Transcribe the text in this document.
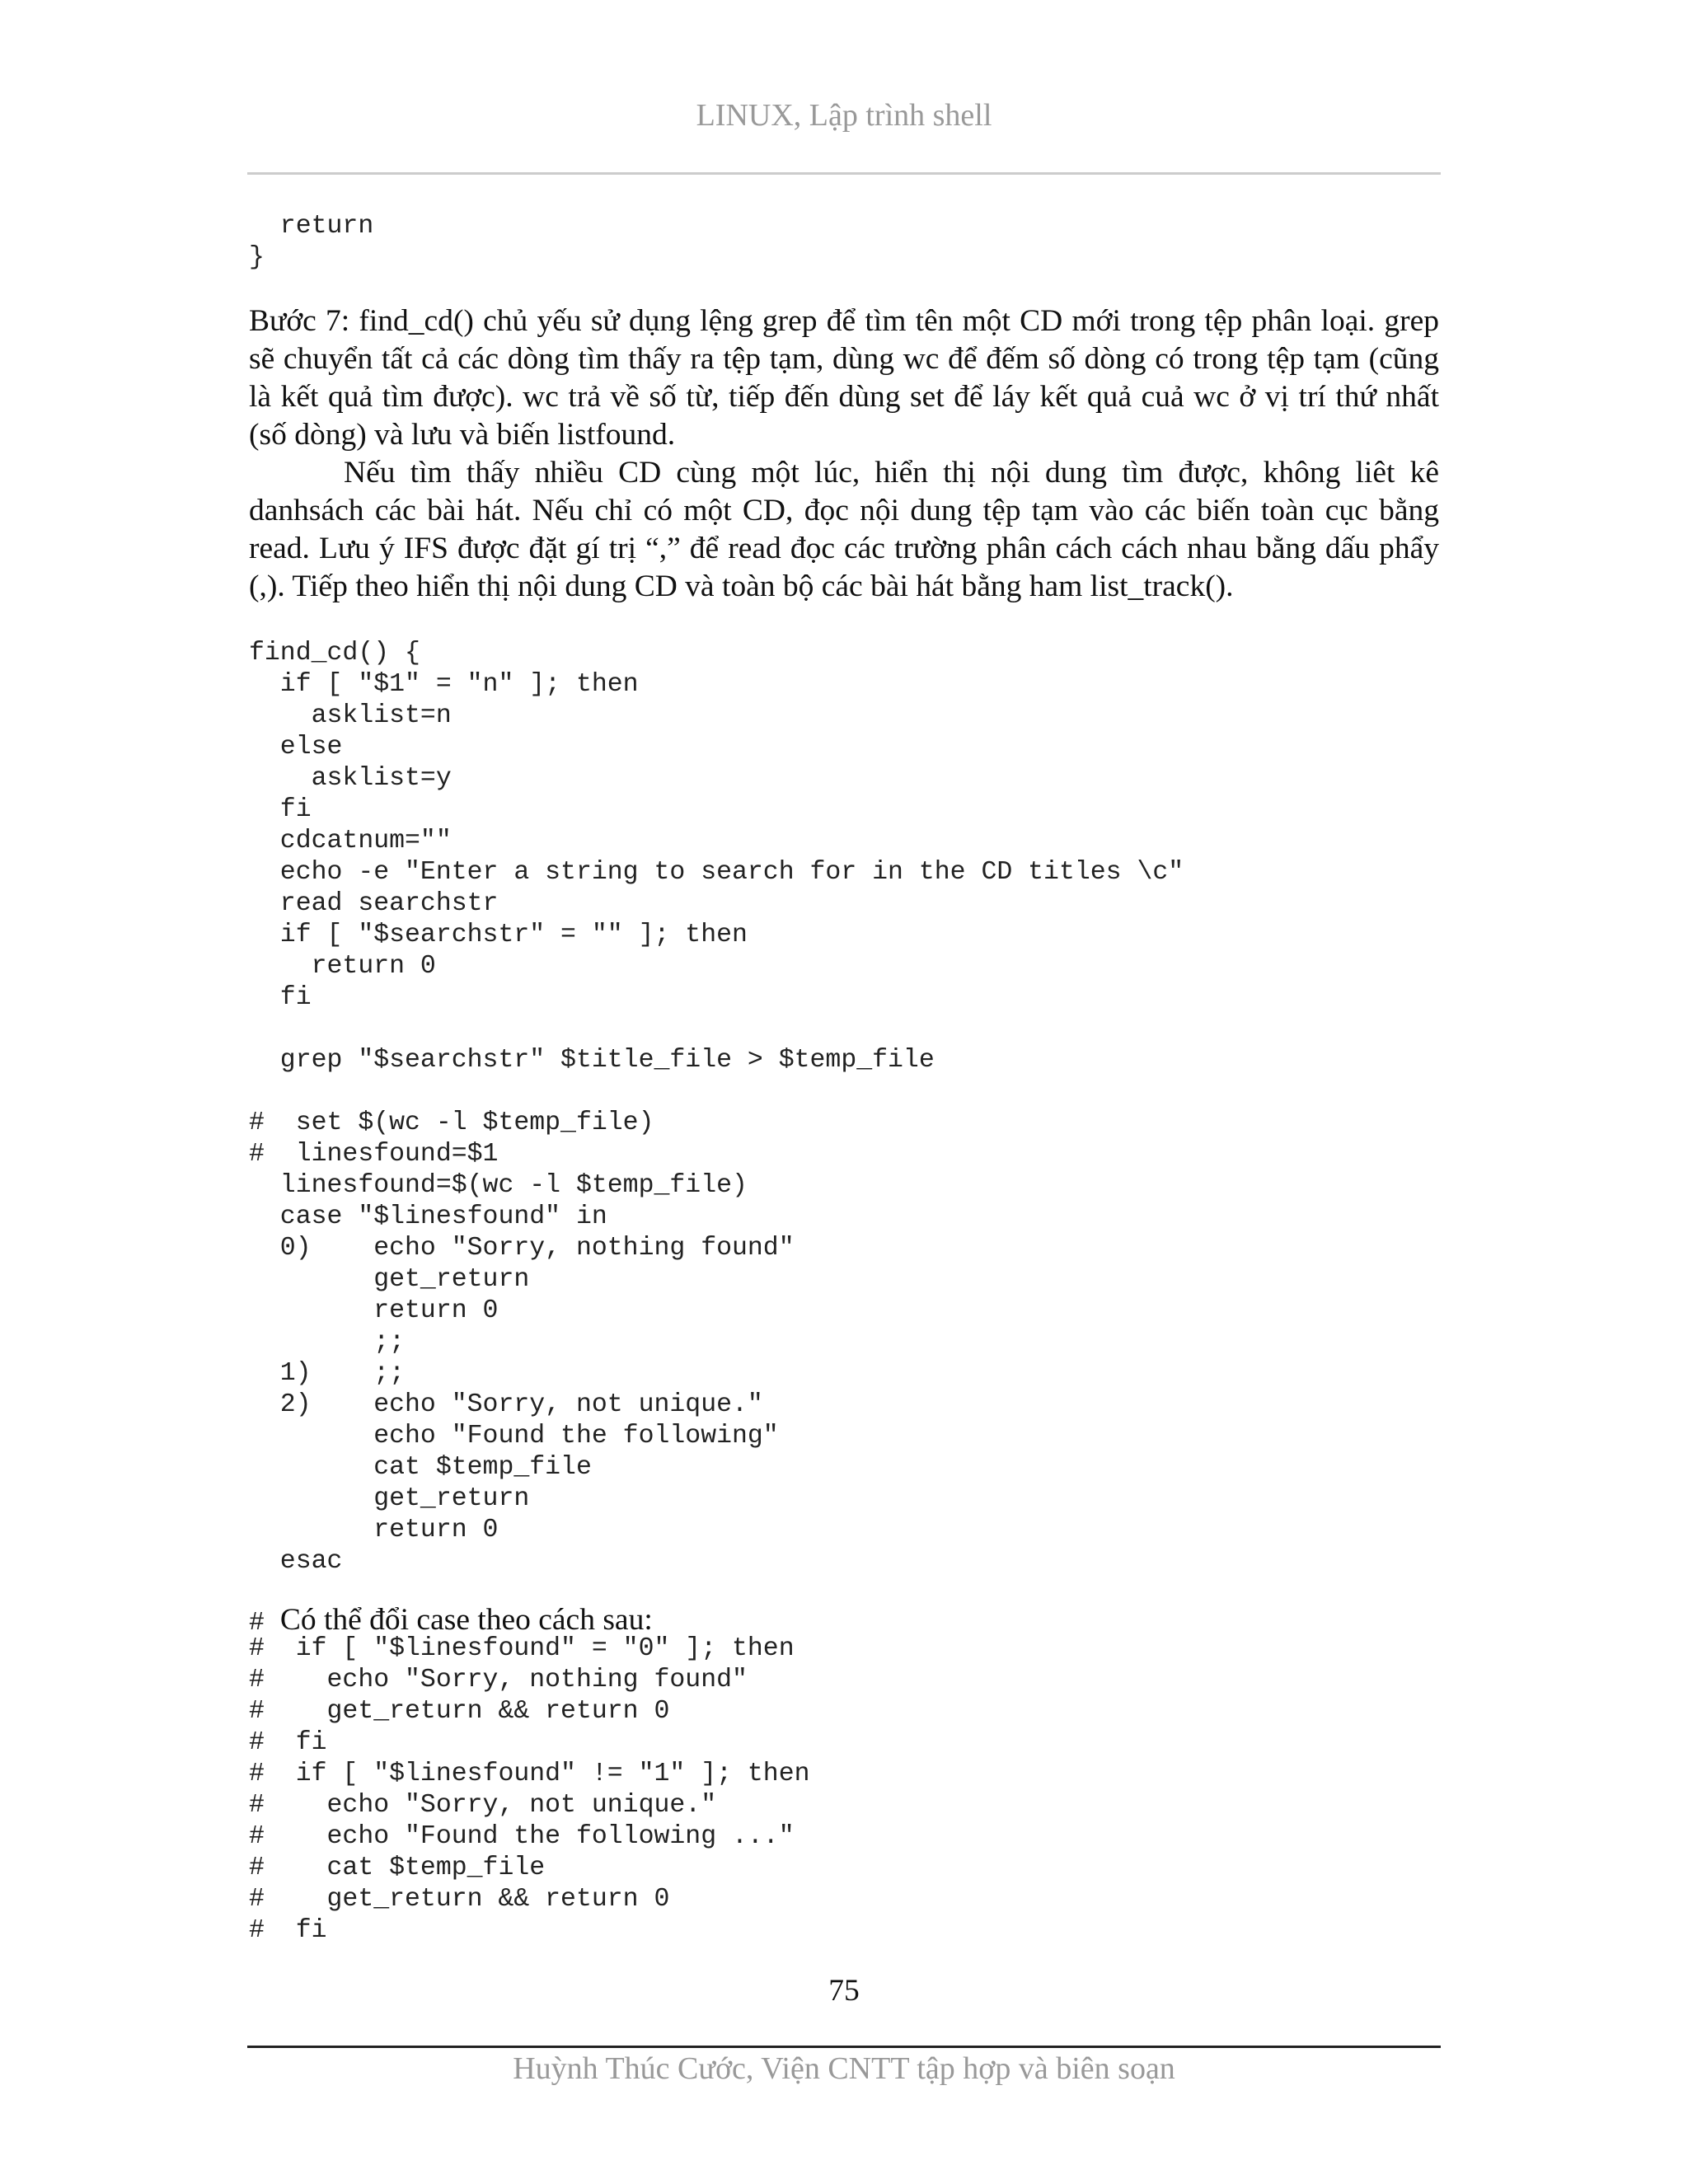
LINUX, Lập trình shell
return
}

Bước 7: find_cd() chủ yếu sử dụng lệng grep để tìm tên một CD mới trong tệp phân loại. grep sẽ chuyển tất cả các dòng tìm thấy ra tệp tạm, dùng wc để đếm số dòng có trong tệp tạm (cũng là kết quả tìm được). wc trả về số từ, tiếp đến dùng set để láy kết quả cuả wc ở vị trí thứ nhất (số dòng) và lưu và biến listfound.

Nếu tìm thấy nhiều CD cùng một lúc, hiển thị nội dung tìm được, không liêt kê danhsách các bài hát. Nếu chỉ có một CD, đọc nội dung tệp tạm vào các biến toàn cục bằng read. Lưu ý IFS được đặt gí trị “,” để read đọc các trường phân cách cách nhau bằng dấu phẩy (,). Tiếp theo hiển thị nội dung CD và toàn bộ các bài hát bằng ham list_track().

find_cd() {
if [ "$1" = "n" ]; then
asklist=n
else
asklist=y
fi
cdcatnum=""
echo -e "Enter a string to search for in the CD titles \c"
read searchstr
if [ "$searchstr" = "" ]; then
return 0
fi

grep "$searchstr" $title_file > $temp_file

#  set $(wc -l $temp_file)
#  linesfound=$1
linesfound=$(wc -l $temp_file)
case "$linesfound" in
0)    echo "Sorry, nothing found"
get_return
return 0
;;
1)    ;;
2)    echo "Sorry, not unique."
echo "Found the following"
cat $temp_file
get_return
return 0
esac
# Có thể đổi case theo cách sau:
#  if [ "$linesfound" = "0" ]; then
#    echo "Sorry, nothing found"
#    get_return && return 0
#  fi
#  if [ "$linesfound" != "1" ]; then
#    echo "Sorry, not unique."
#    echo "Found the following ..."
#    cat $temp_file
#    get_return && return 0
#  fi
75
Huỳnh Thúc Cước, Viện CNTT tập hợp và biên soạn
